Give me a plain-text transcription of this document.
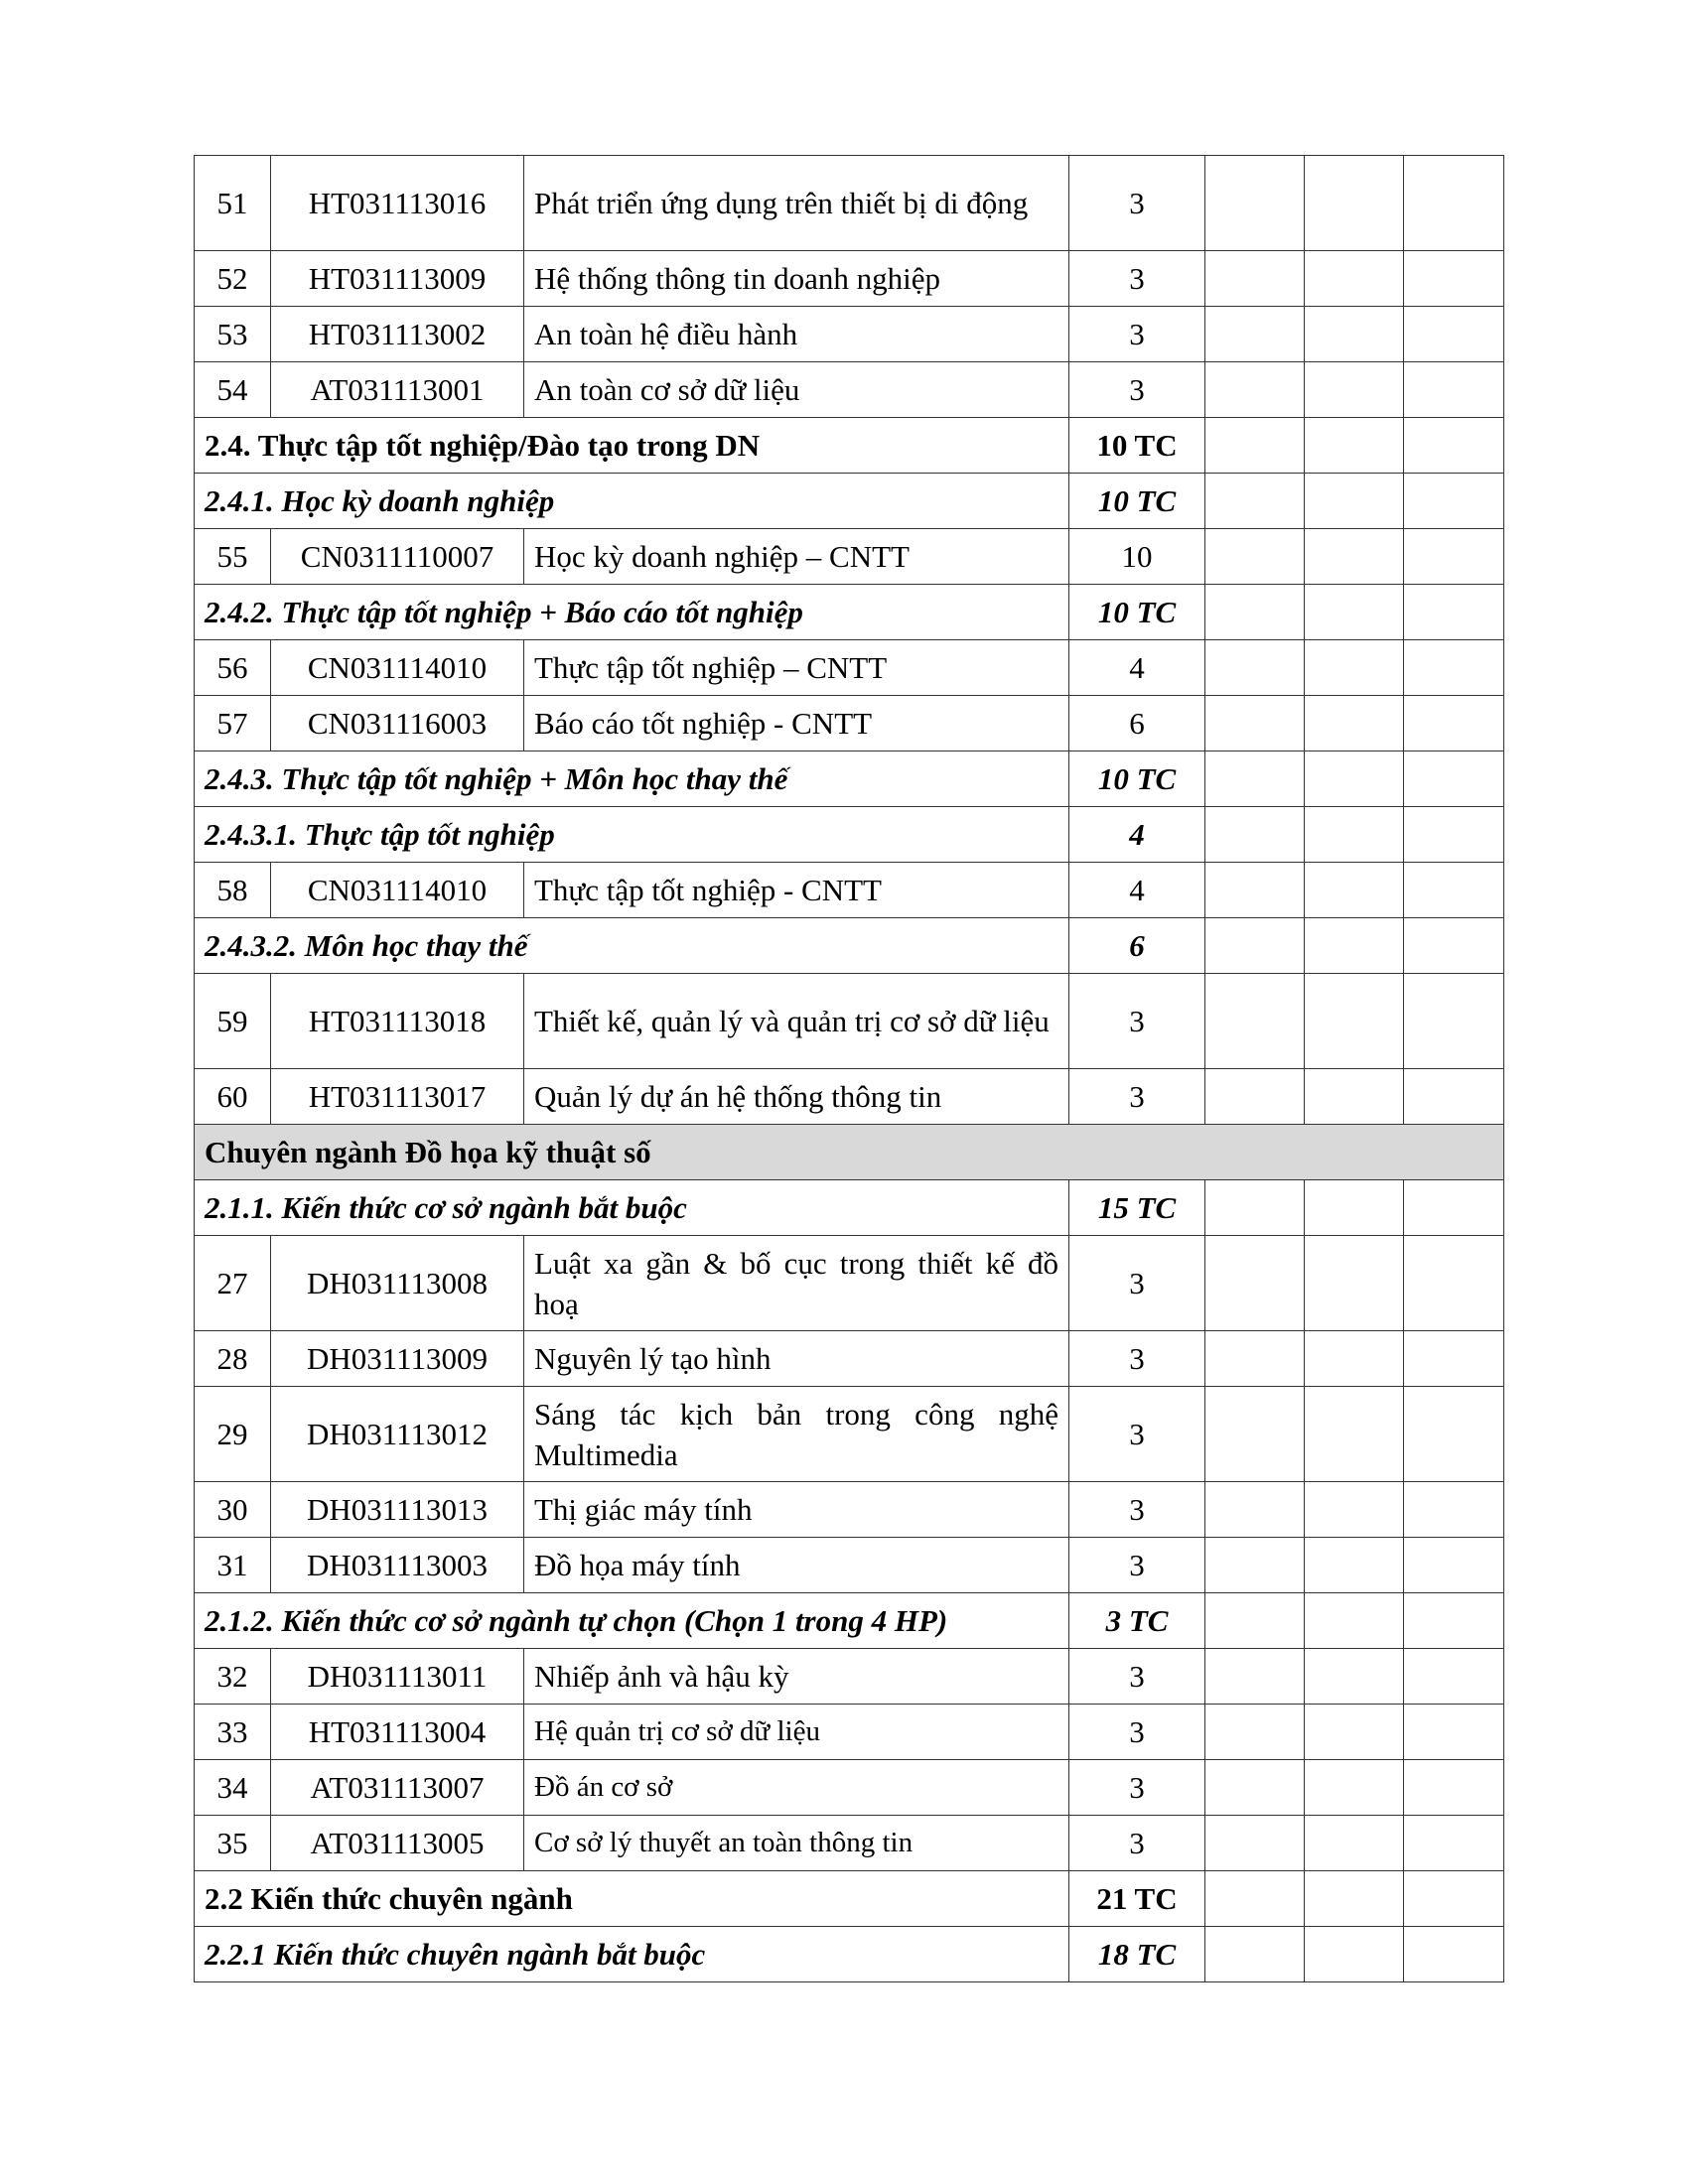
51	HT031113016	Phát triển ứng dụng trên thiết bị di động	3			
52	HT031113009	Hệ thống thông tin doanh nghiệp	3			
53	HT031113002	An toàn hệ điều hành	3			
54	AT031113001	An toàn cơ sở dữ liệu	3			
2.4. Thực tập tốt nghiệp/Đào tạo trong DN			10 TC			
2.4.1. Học kỳ doanh nghiệp			10 TC			
55	CN0311110007	Học kỳ doanh nghiệp – CNTT	10			
2.4.2. Thực tập tốt nghiệp + Báo cáo tốt nghiệp			10 TC			
56	CN031114010	Thực tập tốt nghiệp – CNTT	4			
57	CN031116003	Báo cáo tốt nghiệp - CNTT	6			
2.4.3. Thực tập tốt nghiệp + Môn học thay thế			10 TC			
2.4.3.1. Thực tập tốt nghiệp			4			
58	CN031114010	Thực tập tốt nghiệp - CNTT	4			
2.4.3.2. Môn học thay thế			6			
59	HT031113018	Thiết kế, quản lý và quản trị cơ sở dữ liệu	3			
60	HT031113017	Quản lý dự án hệ thống thông tin	3			
Chuyên ngành Đồ họa kỹ thuật số						
2.1.1. Kiến thức cơ sở ngành bắt buộc			15 TC			
27	DH031113008	Luật xa gần & bố cục trong thiết kế đồ hoạ	3			
28	DH031113009	Nguyên lý tạo hình	3			
29	DH031113012	Sáng tác kịch bản trong công nghệ Multimedia	3			
30	DH031113013	Thị giác máy tính	3			
31	DH031113003	Đồ họa máy tính	3			
2.1.2. Kiến thức cơ sở ngành tự chọn (Chọn 1 trong 4 HP)			3 TC			
32	DH031113011	Nhiếp ảnh và hậu kỳ	3			
33	HT031113004	Hệ quản trị cơ sở dữ liệu	3			
34	AT031113007	Đồ án cơ sở	3			
35	AT031113005	Cơ sở lý thuyết an toàn thông tin	3			
2.2 Kiến thức chuyên ngành			21 TC			
2.2.1 Kiến thức chuyên ngành bắt buộc			18 TC			
